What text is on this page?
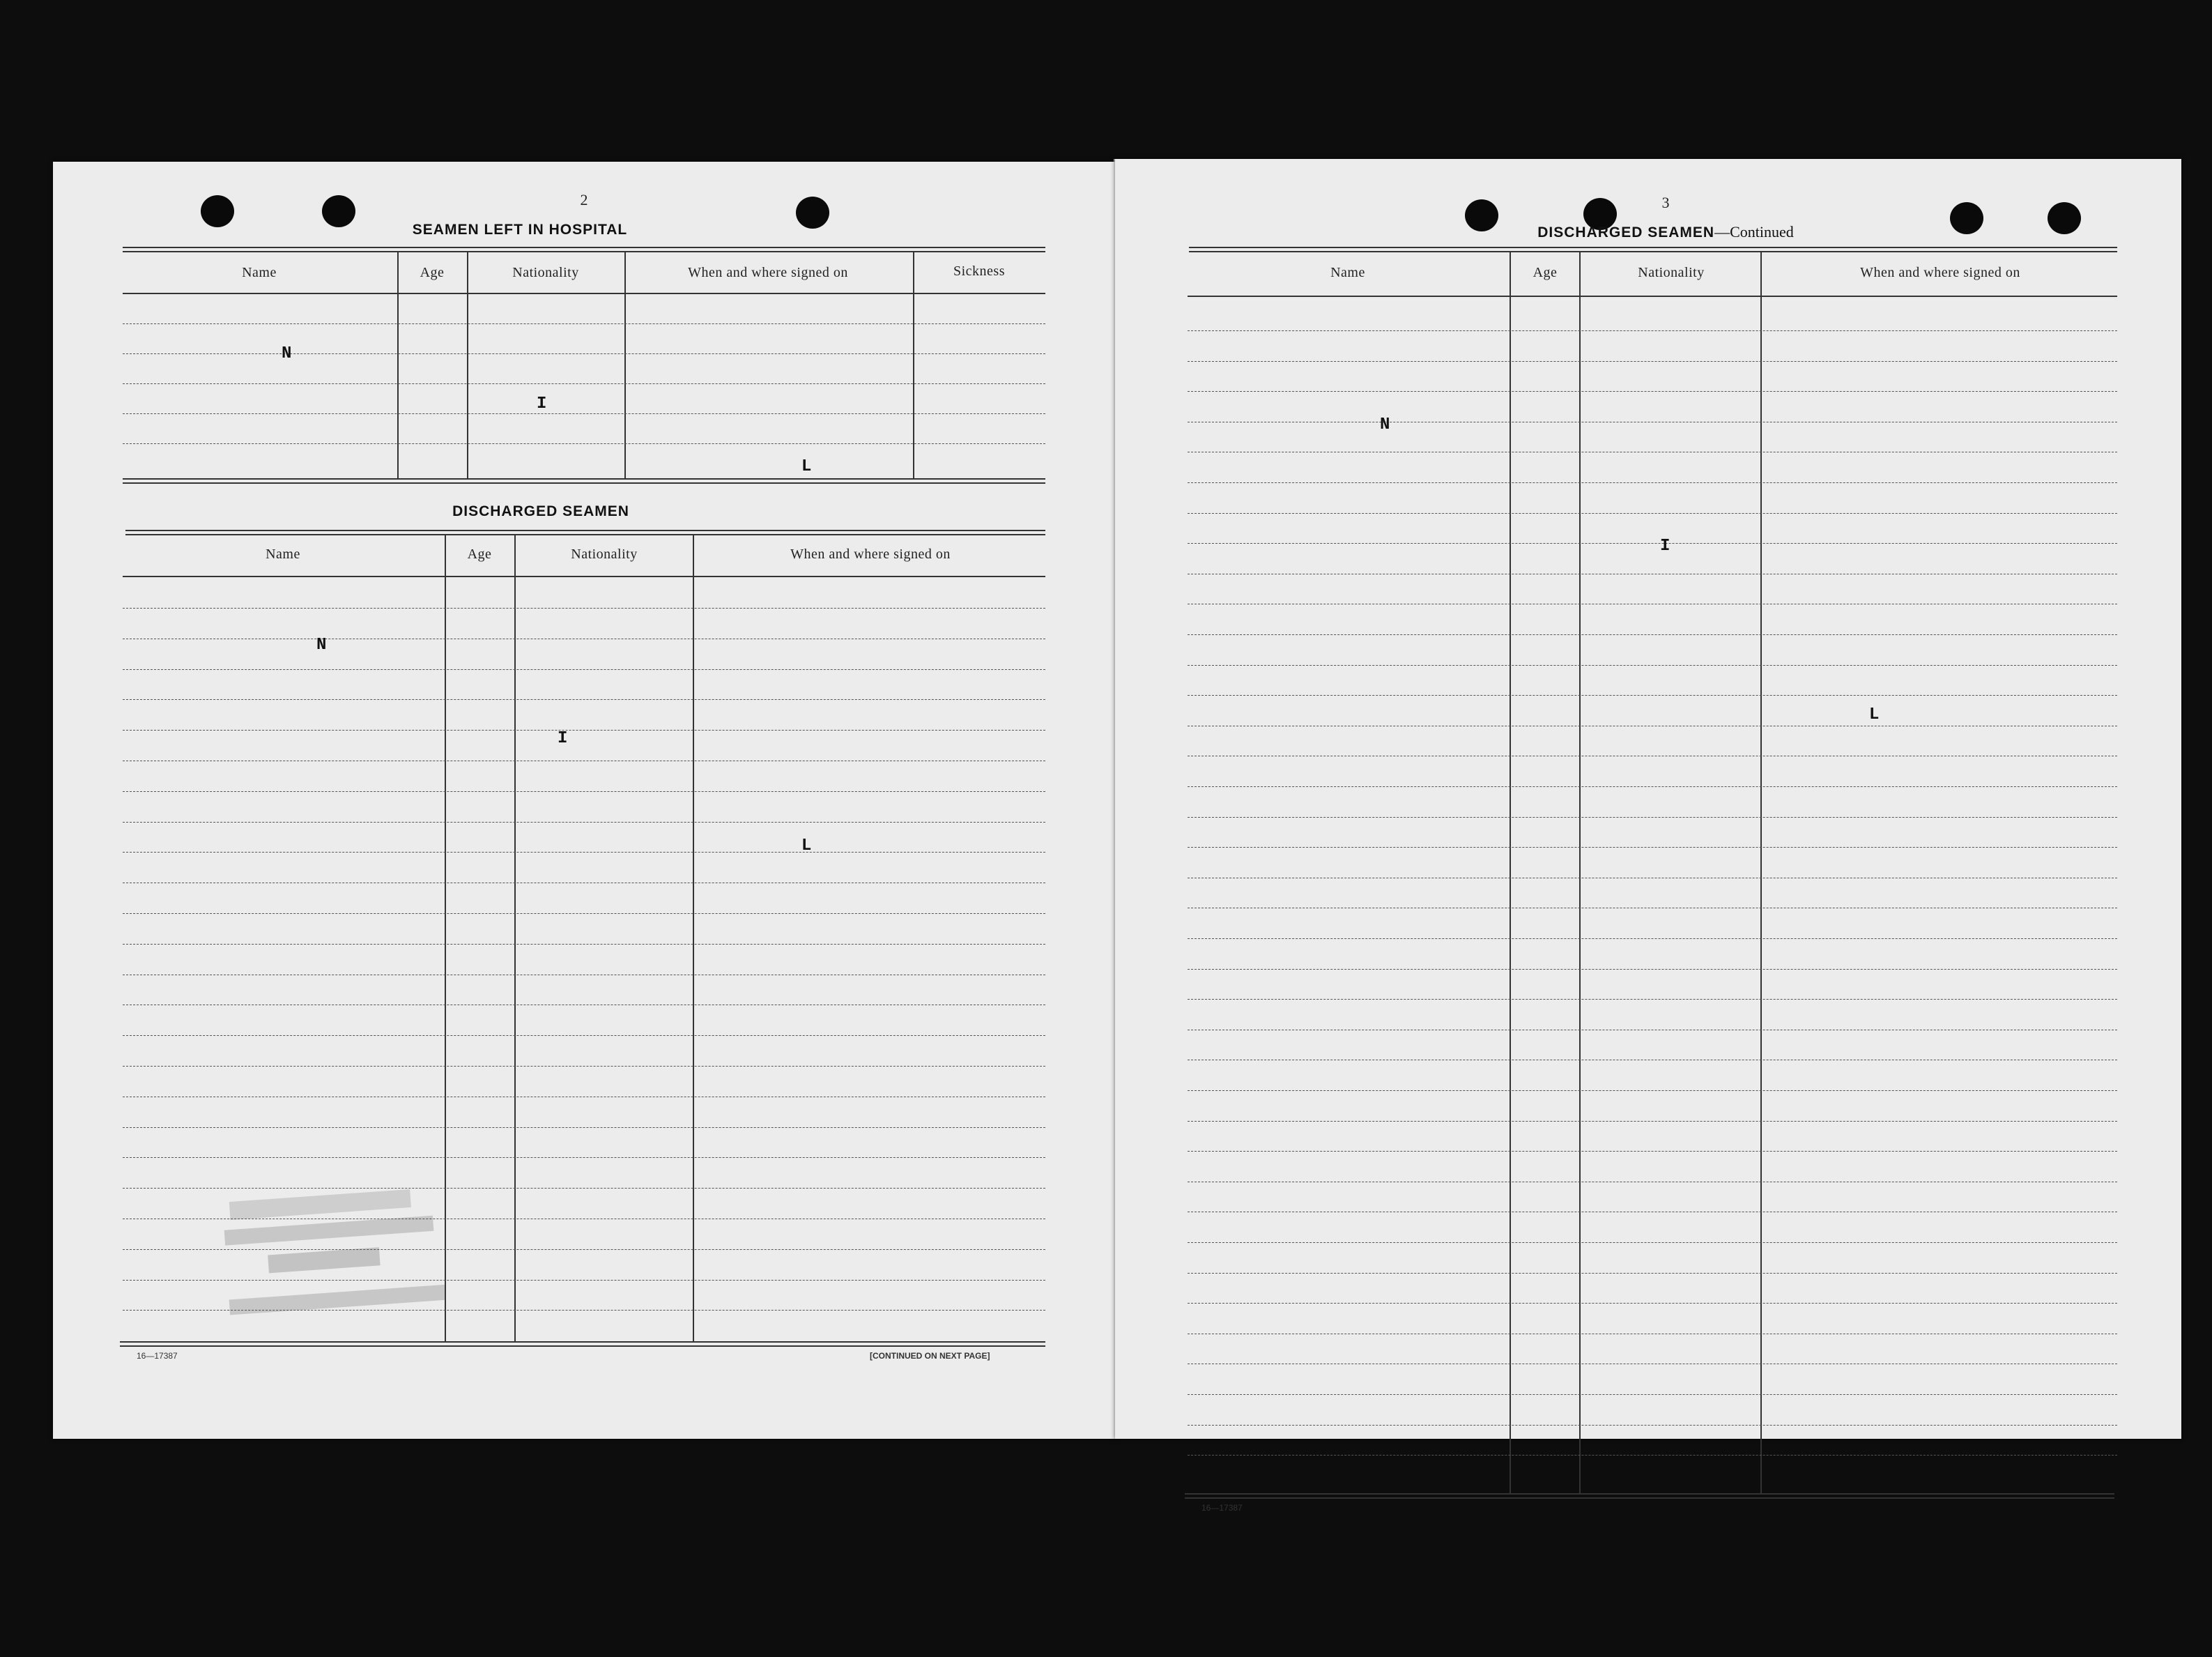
2
SEAMEN LEFT IN HOSPITAL
Name	Age	Nationality	When and where signed on	Sickness
N
I
L
DISCHARGED SEAMEN
Name	Age	Nationality	When and where signed on
N
I
L
16—17387	[CONTINUED ON NEXT PAGE]
3
DISCHARGED SEAMEN—Continued
Name	Age	Nationality	When and where signed on
N
I
L
16—17387
